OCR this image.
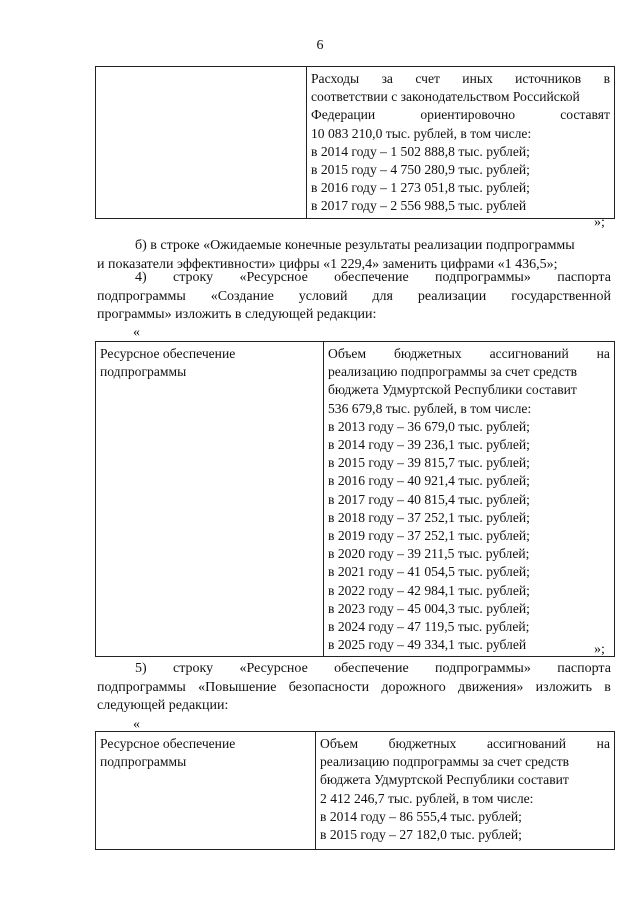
6

Расходы за счет иных источников в
соответствии с законодательством Российской
Федерации	ориентировочно	составят
10 083 210,0 тыс. рублей, в том числе:
в 2014 году – 1 502 888,8 тыс. рублей;
в 2015 году – 4 750 280,9 тыс. рублей;
в 2016 году – 1 273 051,8 тыс. рублей;
в 2017 году – 2 556 988,5 тыс. рублей
»;
б) в строке «Ожидаемые конечные результаты реализации подпрограммы
и показатели эффективности» цифры «1 229,4» заменить цифрами «1 436,5»;
4) строку «Ресурсное обеспечение подпрограммы» паспорта
подпрограммы «Создание условий для реализации государственной
программы» изложить в следующей редакции:
«
Ресурсное обеспечение подпрограммы	
Объем бюджетных ассигнований на
реализацию подпрограммы за счет средств
бюджета Удмуртской Республики составит
536 679,8 тыс. рублей, в том числе:
в 2013 году – 36 679,0 тыс. рублей;
в 2014 году – 39 236,1 тыс. рублей;
в 2015 году – 39 815,7 тыс. рублей;
в 2016 году – 40 921,4 тыс. рублей;
в 2017 году – 40 815,4 тыс. рублей;
в 2018 году – 37 252,1 тыс. рублей;
в 2019 году – 37 252,1 тыс. рублей;
в 2020 году – 39 211,5 тыс. рублей;
в 2021 году – 41 054,5 тыс. рублей;
в 2022 году – 42 984,1 тыс. рублей;
в 2023 году – 45 004,3 тыс. рублей;
в 2024 году – 47 119,5 тыс. рублей;
в 2025 году – 49 334,1 тыс. рублей	»;
5) строку «Ресурсное обеспечение подпрограммы» паспорта
подпрограммы «Повышение безопасности дорожного движения» изложить в
следующей редакции:
«
Ресурсное обеспечение подпрограммы	
Объем бюджетных ассигнований на
реализацию подпрограммы за счет средств
бюджета Удмуртской Республики составит
2 412 246,7 тыс. рублей, в том числе:
в 2014 году – 86 555,4 тыс. рублей;
в 2015 году – 27 182,0 тыс. рублей;
